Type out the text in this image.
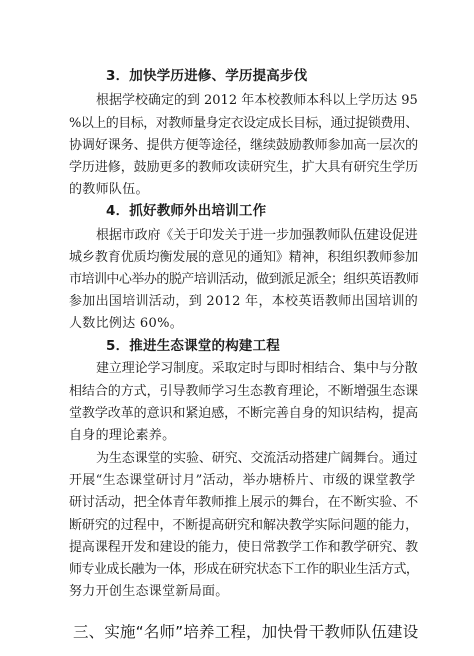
3．加快学历进修、学历提高步伐
根据学校确定的到 2012 年本校教师本科以上学历达 95
%以上的目标，对教师量身定衣设定成长目标，通过捉锁费用、
协调好课务、提供方便等途径，继续鼓励教师参加高一层次的
学历进修，鼓励更多的教师攻读研究生，扩大具有研究生学历
的教师队伍。
4．抓好教师外出培训工作
根据市政府《关于印发关于进一步加强教师队伍建设促进
城乡教育优质均衡发展的意见的通知》精神，积组织教师参加
市培训中心举办的脱产培训活动，做到派足派全；组织英语教师
参加出国培训活动，到 2012 年，本校英语教师出国培训的
人数比例达 60%。
5．推进生态课堂的构建工程
建立理论学习制度。采取定时与即时相结合、集中与分散
相结合的方式，引导教师学习生态教育理论，不断增强生态课
堂教学改革的意识和紧迫感，不断完善自身的知识结构，提高
自身的理论素养。
为生态课堂的实验、研究、交流活动搭建广阔舞台。通过
开展“生态课堂研讨月”活动，举办塘桥片、市级的课堂教学
研讨活动，把全体青年教师推上展示的舞台，在不断实验、不
断研究的过程中，不断提高研究和解决教学实际问题的能力，
提高课程开发和建设的能力，使日常教学工作和教学研究、教
师专业成长融为一体，形成在研究状态下工作的职业生活方式，
努力开创生态课堂新局面。
三、实施“名师”培养工程，加快骨干教师队伍建设
